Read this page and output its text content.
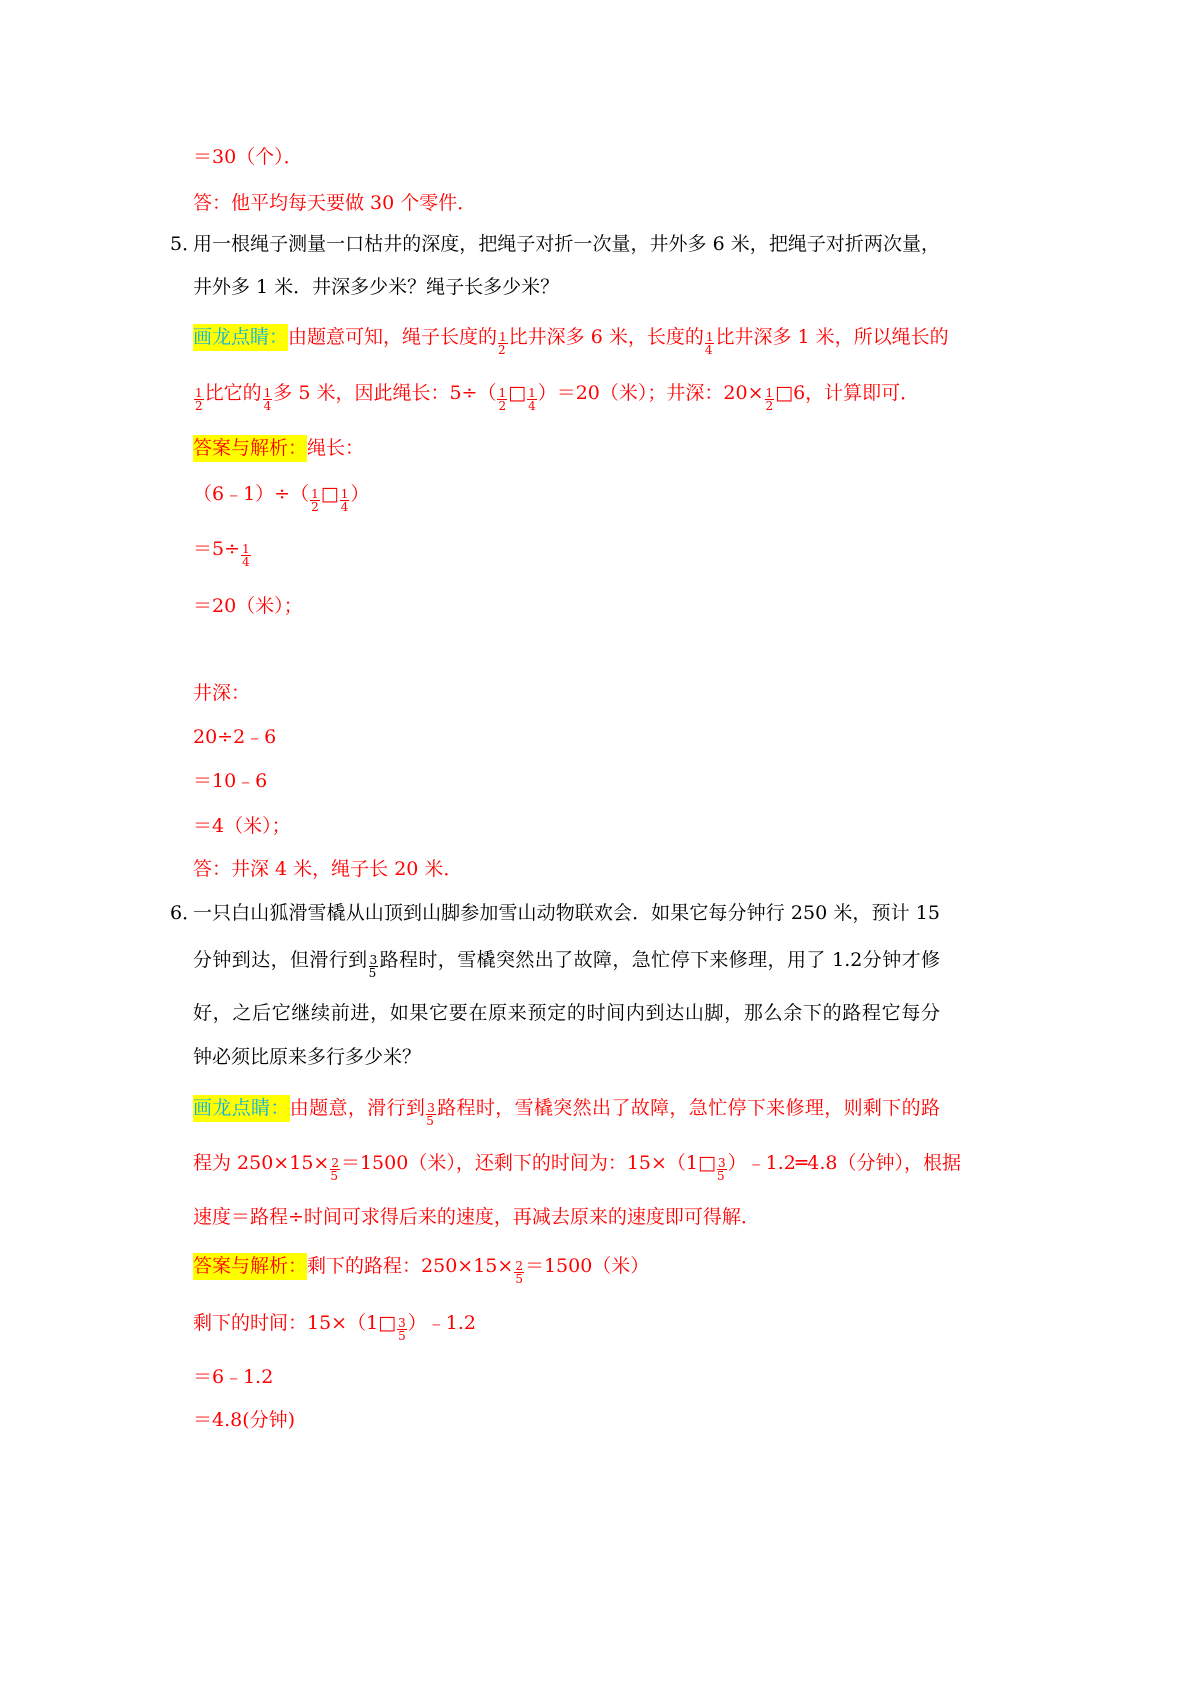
＝30（个）．
答：他平均每天要做 30 个零件．
5．
用一根绳子测量一口枯井的深度，把绳子对折一次量，井外多 6 米，把绳子对折两次量，
井外多 1 米．井深多少米？绳子长多少米？
画龙点睛：由题意可知，绳子长度的 $\frac{1}{2}$ 比井深多 6 米，长度的 $\frac{1}{4}$ 比井深多 1 米，所以绳长的
$\frac{1}{2}$ 比它的 $\frac{1}{4}$ 多 5 米，因此绳长：$5\div( \frac{1}{2}$ □ $\frac{1}{4} )=20$（米）；井深：$20\times \frac{1}{2}$ □6，计算即可．
答案与解析：绳长：
（6﹣1）÷（ $\frac{1}{2}$ □ $\frac{1}{4}$ ）
$=5\div \frac{1}{4}$
＝20（米）；
井深：
20÷2﹣6
＝10﹣6
＝4（米）；
答：井深 4 米，绳子长 20 米．
6．
一只白山狐滑雪橇从山顶到山脚参加雪山动物联欢会．如果它每分钟行 250 米，预计 15
分钟到达，但滑行到 $\frac{3}{5}$ 路程时，雪橇突然出了故障，急忙停下来修理，用了 1.2分钟才修
好，之后它继续前进，如果它要在原来预定的时间内到达山脚，那么余下的路程它每分
钟必须比原来多行多少米？
画龙点睛：由题意，滑行到 $\frac{3}{5}$ 路程时，雪橇突然出了故障，急忙停下来修理，则剩下的路
程为 $250\times 15\times \frac{2}{5} =1500$（米），还剩下的时间为：15×（1□ $\frac{3}{5}$ ）﹣1.2═4.8（分钟），根据
速度＝路程÷时间可求得后来的速度，再减去原来的速度即可得解．
答案与解析：剩下的路程：$250\times 15\times \frac{2}{5} =1500$（米）
剩下的时间：15×（1□ $\frac{3}{5}$ ）﹣1.2
＝6﹣1.2
＝4.8(分钟)
